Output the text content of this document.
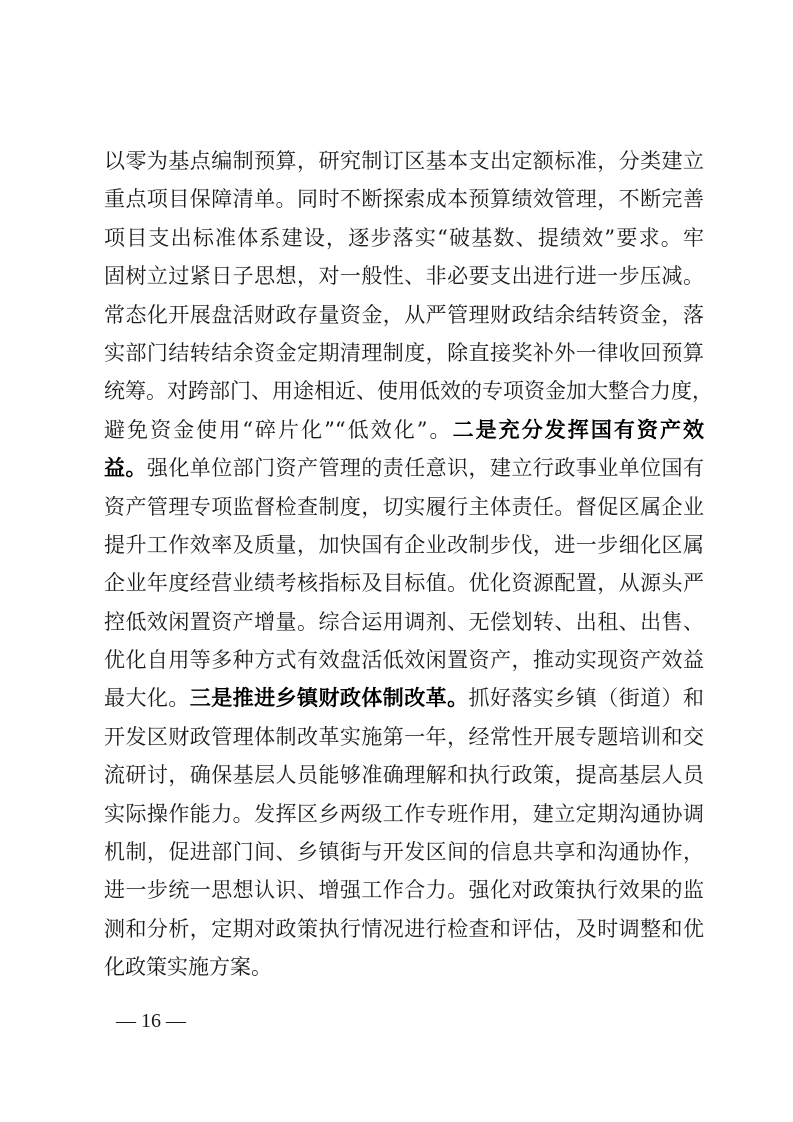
以零为基点编制预算，研究制订区基本支出定额标准，分类建立
重点项目保障清单。同时不断探索成本预算绩效管理，不断完善
项目支出标准体系建设，逐步落实“破基数、提绩效”要求。牢
固树立过紧日子思想，对一般性、非必要支出进行进一步压减。
常态化开展盘活财政存量资金，从严管理财政结余结转资金，落
实部门结转结余资金定期清理制度，除直接奖补外一律收回预算
统筹。对跨部门、用途相近、使用低效的专项资金加大整合力度，
避免资金使用“碎片化”“低效化”。二是充分发挥国有资产效
益。强化单位部门资产管理的责任意识，建立行政事业单位国有
资产管理专项监督检查制度，切实履行主体责任。督促区属企业
提升工作效率及质量，加快国有企业改制步伐，进一步细化区属
企业年度经营业绩考核指标及目标值。优化资源配置，从源头严
控低效闲置资产增量。综合运用调剂、无偿划转、出租、出售、
优化自用等多种方式有效盘活低效闲置资产，推动实现资产效益
最大化。三是推进乡镇财政体制改革。抓好落实乡镇（街道）和
开发区财政管理体制改革实施第一年，经常性开展专题培训和交
流研讨，确保基层人员能够准确理解和执行政策，提高基层人员
实际操作能力。发挥区乡两级工作专班作用，建立定期沟通协调
机制，促进部门间、乡镇街与开发区间的信息共享和沟通协作，
进一步统一思想认识、增强工作合力。强化对政策执行效果的监
测和分析，定期对政策执行情况进行检查和评估，及时调整和优
化政策实施方案。
— 16 —
